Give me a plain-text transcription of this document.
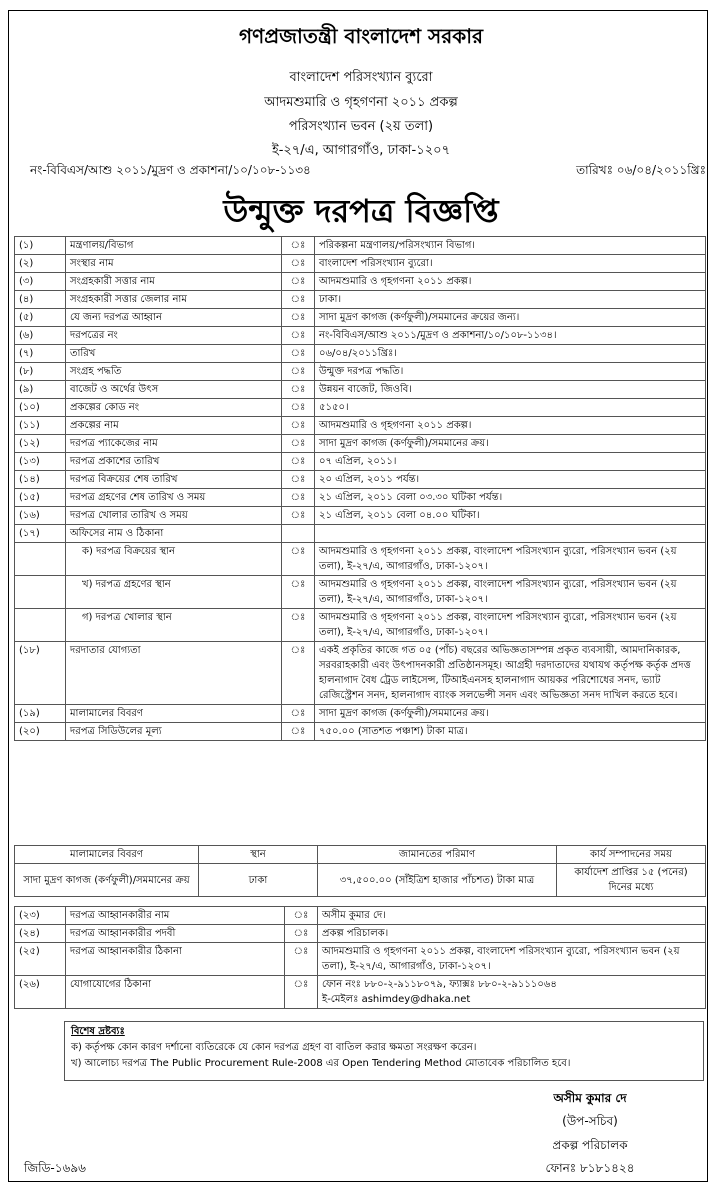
গণপ্রজাতন্ত্রী বাংলাদেশ সরকার
বাংলাদেশ পরিসংখ্যান ব্যুরো
আদমশুমারি ও গৃহগণনা ২০১১ প্রকল্প
পরিসংখ্যান ভবন (২য় তলা)
ই-২৭/এ, আগারগাঁও, ঢাকা-১২০৭
নং-বিবিএস/আশু ২০১১/মুদ্রণ ও প্রকাশনা/১০/১০৮-১১৩৪	তারিখঃ ০৬/০৪/২০১১খ্রিঃ
উন্মুক্ত দরপত্র বিজ্ঞপ্তি
(১)	মন্ত্রণালয়/বিভাগ	ঃ	পরিকল্পনা মন্ত্রণালয়/পরিসংখ্যান বিভাগ।
(২)	সংস্থার নাম	ঃ	বাংলাদেশ পরিসংখ্যান ব্যুরো।
(৩)	সংগ্রহকারী সত্তার নাম	ঃ	আদমশুমারি ও গৃহগণনা ২০১১ প্রকল্প।
(৪)	সংগ্রহকারী সত্তার জেলার নাম	ঃ	ঢাকা।
(৫)	যে জন্য দরপত্র আহ্বান	ঃ	সাদা মুদ্রণ কাগজ (কর্ণফুলী)/সমমানের ক্রয়ের জন্য।
(৬)	দরপত্রের নং	ঃ	নং-বিবিএস/আশু ২০১১/মুদ্রণ ও প্রকাশনা/১০/১০৮-১১৩৪।
(৭)	তারিখ	ঃ	০৬/০৪/২০১১খ্রিঃ।
(৮)	সংগ্রহ পদ্ধতি	ঃ	উন্মুক্ত দরপত্র পদ্ধতি।
(৯)	বাজেট ও অর্থের উৎস	ঃ	উন্নয়ন বাজেট, জিওবি।
(১০)	প্রকল্পের কোড নং	ঃ	৫১৫০।
(১১)	প্রকল্পের নাম	ঃ	আদমশুমারি ও গৃহগণনা ২০১১ প্রকল্প।
(১২)	দরপত্র প্যাকেজের নাম	ঃ	সাদা মুদ্রণ কাগজ (কর্ণফুলী)/সমমানের ক্রয়।
(১৩)	দরপত্র প্রকাশের তারিখ	ঃ	০৭ এপ্রিল, ২০১১।
(১৪)	দরপত্র বিক্রয়ের শেষ তারিখ	ঃ	২০ এপ্রিল, ২০১১ পর্যন্ত।
(১৫)	দরপত্র গ্রহণের শেষ তারিখ ও সময়	ঃ	২১ এপ্রিল, ২০১১ বেলা ০৩.৩০ ঘটিকা পর্যন্ত।
(১৬)	দরপত্র খোলার তারিখ ও সময়	ঃ	২১ এপ্রিল, ২০১১ বেলা ০৪.০০ ঘটিকা।
(১৭)	অফিসের নাম ও ঠিকানা		
	ক) দরপত্র বিক্রয়ের স্থান	ঃ	আদমশুমারি ও গৃহগণনা ২০১১ প্রকল্প, বাংলাদেশ পরিসংখ্যান ব্যুরো, পরিসংখ্যান ভবন (২য় তলা), ই-২৭/এ, আগারগাঁও, ঢাকা-১২০৭।
	খ) দরপত্র গ্রহণের স্থান	ঃ	আদমশুমারি ও গৃহগণনা ২০১১ প্রকল্প, বাংলাদেশ পরিসংখ্যান ব্যুরো, পরিসংখ্যান ভবন (২য় তলা), ই-২৭/এ, আগারগাঁও, ঢাকা-১২০৭।
	গ) দরপত্র খোলার স্থান	ঃ	আদমশুমারি ও গৃহগণনা ২০১১ প্রকল্প, বাংলাদেশ পরিসংখ্যান ব্যুরো, পরিসংখ্যান ভবন (২য় তলা), ই-২৭/এ, আগারগাঁও, ঢাকা-১২০৭।
(১৮)	দরদাতার যোগ্যতা	ঃ	একই প্রকৃতির কাজে গত ০৫ (পাঁচ) বছরের অভিজ্ঞতাসম্পন্ন প্রকৃত ব্যবসায়ী, আমদানিকারক, সরবরাহকারী এবং উৎপাদনকারী প্রতিষ্ঠানসমূহ। আগ্রহী দরদাতাদের যথাযথ কর্তৃপক্ষ কর্তৃক প্রদত্ত হালনাগাদ বৈধ ট্রেড লাইসেন্স, টিআইএনসহ হালনাগাদ আয়কর পরিশোধের সনদ, ভ্যাট রেজিস্ট্রেশন সনদ, হালনাগাদ ব্যাংক সলভেন্সী সনদ এবং অভিজ্ঞতা সনদ দাখিল করতে হবে।
(১৯)	মালামালের বিবরণ	ঃ	সাদা মুদ্রণ কাগজ (কর্ণফুলী)/সমমানের ক্রয়।
(২০)	দরপত্র সিডিউলের মূল্য	ঃ	৭৫০.০০ (সাতশত পঞ্চাশ) টাকা মাত্র।
মালামালের বিবরণ	স্থান	জামানতের পরিমাণ	কার্য সম্পাদনের সময়
সাদা মুদ্রণ কাগজ (কর্ণফুলী)/সমমানের ক্রয়	ঢাকা	৩৭,৫০০.০০ (সাঁইত্রিশ হাজার পাঁচশত) টাকা মাত্র	কার্যাদেশ প্রাপ্তির ১৫ (পনের) দিনের মধ্যে
(২৩)	দরপত্র আহ্বানকারীর নাম	ঃ	অসীম কুমার দে।
(২৪)	দরপত্র আহ্বানকারীর পদবী	ঃ	প্রকল্প পরিচালক।
(২৫)	দরপত্র আহ্বানকারীর ঠিকানা	ঃ	আদমশুমারি ও গৃহগণনা ২০১১ প্রকল্প, বাংলাদেশ পরিসংখ্যান ব্যুরো, পরিসংখ্যান ভবন (২য় তলা), ই-২৭/এ, আগারগাঁও, ঢাকা-১২০৭।
(২৬)	যোগাযোগের ঠিকানা	ঃ	ফোন নংঃ ৮৮০-২-৯১১৮০৭৯, ফ্যাক্সঃ ৮৮০-২-৯১১১০৬৪
ই-মেইলঃ ashimdey@dhaka.net
বিশেষ দ্রষ্টব্যঃ
ক) কর্তৃপক্ষ কোন কারণ দর্শানো ব্যতিরেকে যে কোন দরপত্র গ্রহণ বা বাতিল করার ক্ষমতা সংরক্ষণ করেন।
খ) আলোচ্য দরপত্র The Public Procurement Rule-2008 এর Open Tendering Method মোতাবেক পরিচালিত হবে।
অসীম কুমার দে
(উপ-সচিব)
প্রকল্প পরিচালক
ফোনঃ ৮১৮১৪২৪
জিডি-১৬৯৬
